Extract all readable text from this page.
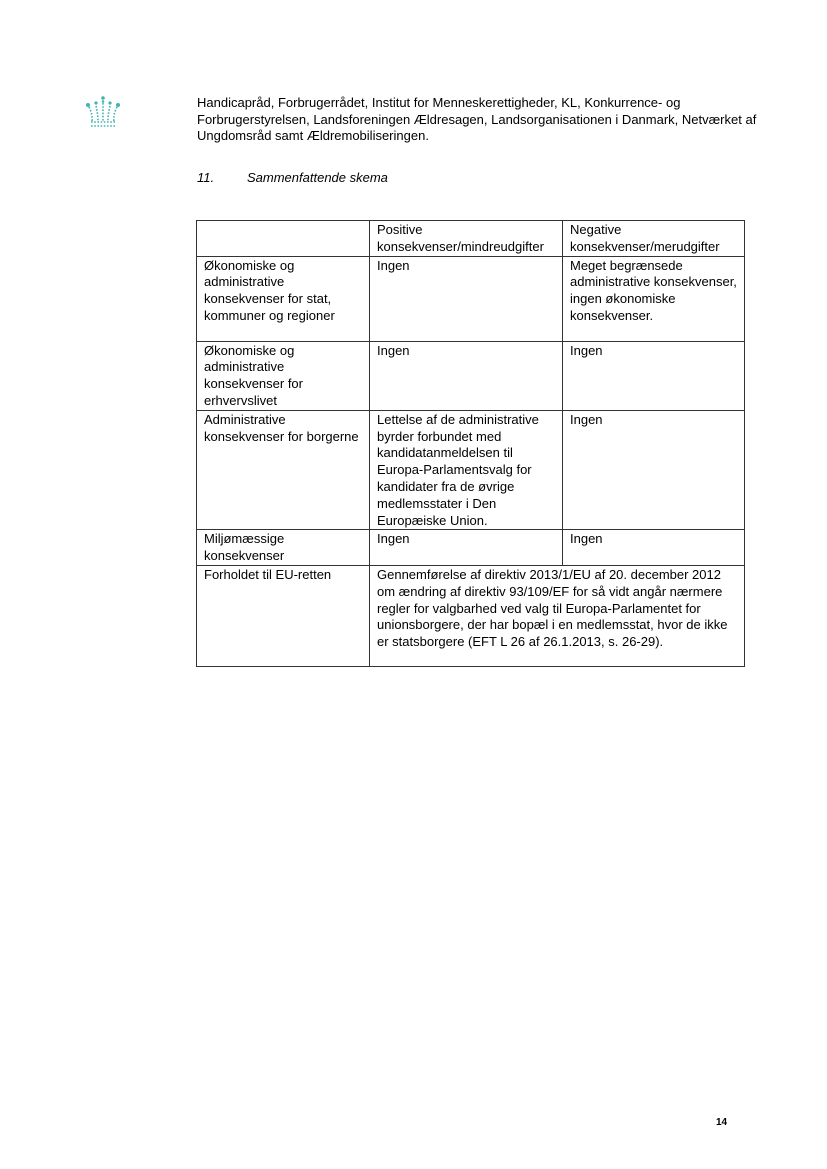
Handicapråd, Forbrugerrådet, Institut for Menneskerettigheder, KL, Konkurrence- og Forbrugerstyrelsen, Landsforeningen Ældresagen, Landsorganisationen i Danmark, Netværket af Ungdomsråd samt Ældremobiliseringen.

11.	Sammenfattende skema

	Positive konsekvenser/mindreudgifter	Negative konsekvenser/merudgifter
Økonomiske og administrative konsekvenser for stat, kommuner og regioner	Ingen	Meget begrænsede administrative konsekvenser, ingen økonomiske konsekvenser.
Økonomiske og administrative konsekvenser for erhvervslivet	Ingen	Ingen
Administrative konsekvenser for borgerne	Lettelse af de administrative byrder forbundet med kandidatanmeldelsen til Europa-Parlamentsvalg for kandidater fra de øvrige medlemsstater i Den Europæiske Union.	Ingen
Miljømæssige konsekvenser	Ingen	Ingen
Forholdet til EU-retten	Gennemførelse af direktiv 2013/1/EU af 20. december 2012 om ændring af direktiv 93/109/EF for så vidt angår nærmere regler for valgbarhed ved valg til Europa-Parlamentet for unionsborgere, der har bopæl i en medlemsstat, hvor de ikke er statsborgere (EFT L 26 af 26.1.2013, s. 26-29).	
14
